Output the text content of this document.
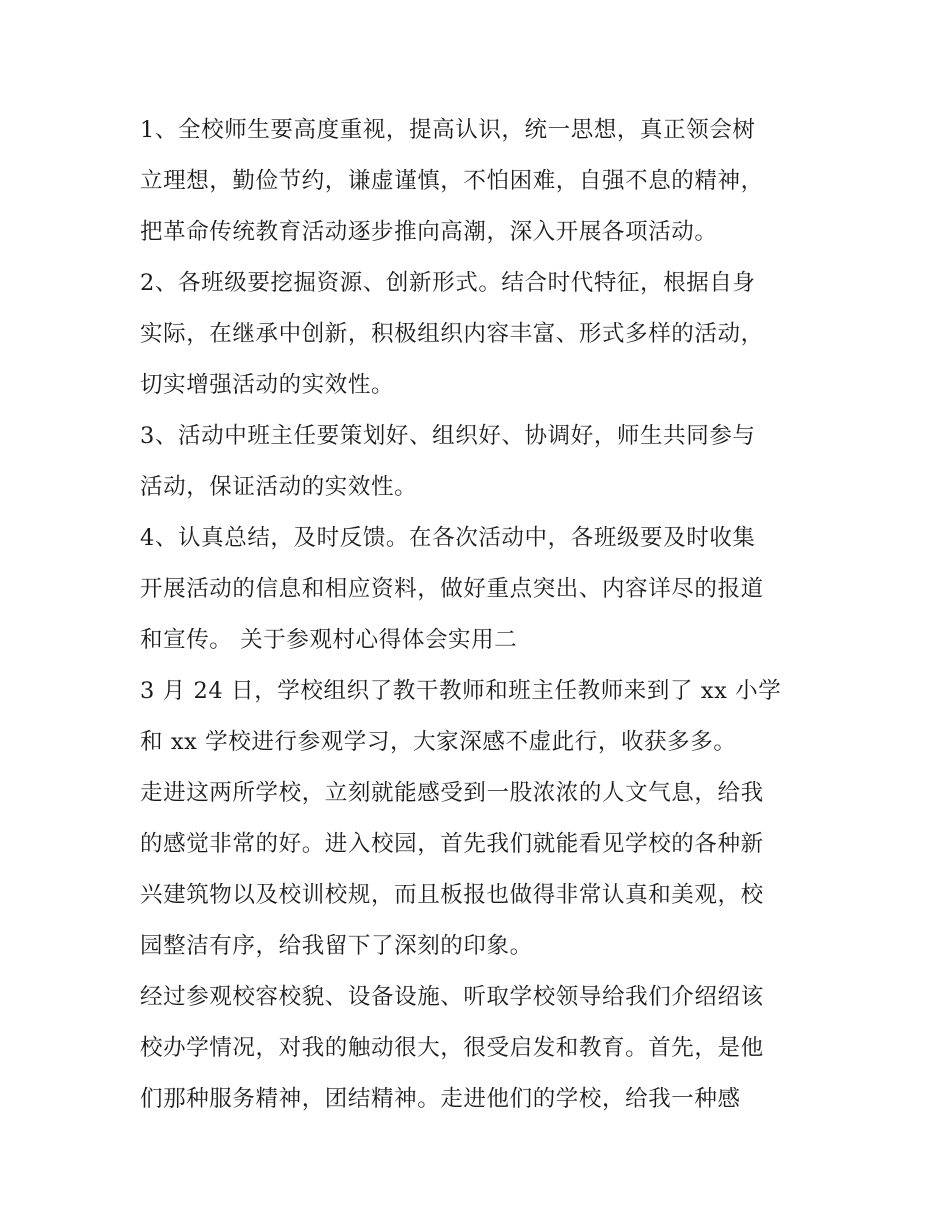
1、全校师生要高度重视，提高认识，统一思想，真正领会树

立理想，勤俭节约，谦虚谨慎，不怕困难，自强不息的精神，

把革命传统教育活动逐步推向高潮，深入开展各项活动。

2、各班级要挖掘资源、创新形式。结合时代特征，根据自身

实际，在继承中创新，积极组织内容丰富、形式多样的活动，

切实增强活动的实效性。

3、活动中班主任要策划好、组织好、协调好，师生共同参与

活动，保证活动的实效性。

4、认真总结，及时反馈。在各次活动中，各班级要及时收集

开展活动的信息和相应资料，做好重点突出、内容详尽的报道

和宣传。 关于参观村心得体会实用二

3 月 24 日，学校组织了教干教师和班主任教师来到了 xx 小学

和 xx 学校进行参观学习，大家深感不虚此行，收获多多。

走进这两所学校，立刻就能感受到一股浓浓的人文气息，给我

的感觉非常的好。进入校园，首先我们就能看见学校的各种新

兴建筑物以及校训校规，而且板报也做得非常认真和美观，校

园整洁有序，给我留下了深刻的印象。

经过参观校容校貌、设备设施、听取学校领导给我们介绍绍该

校办学情况，对我的触动很大，很受启发和教育。首先，是他

们那种服务精神，团结精神。走进他们的学校，给我一种感
